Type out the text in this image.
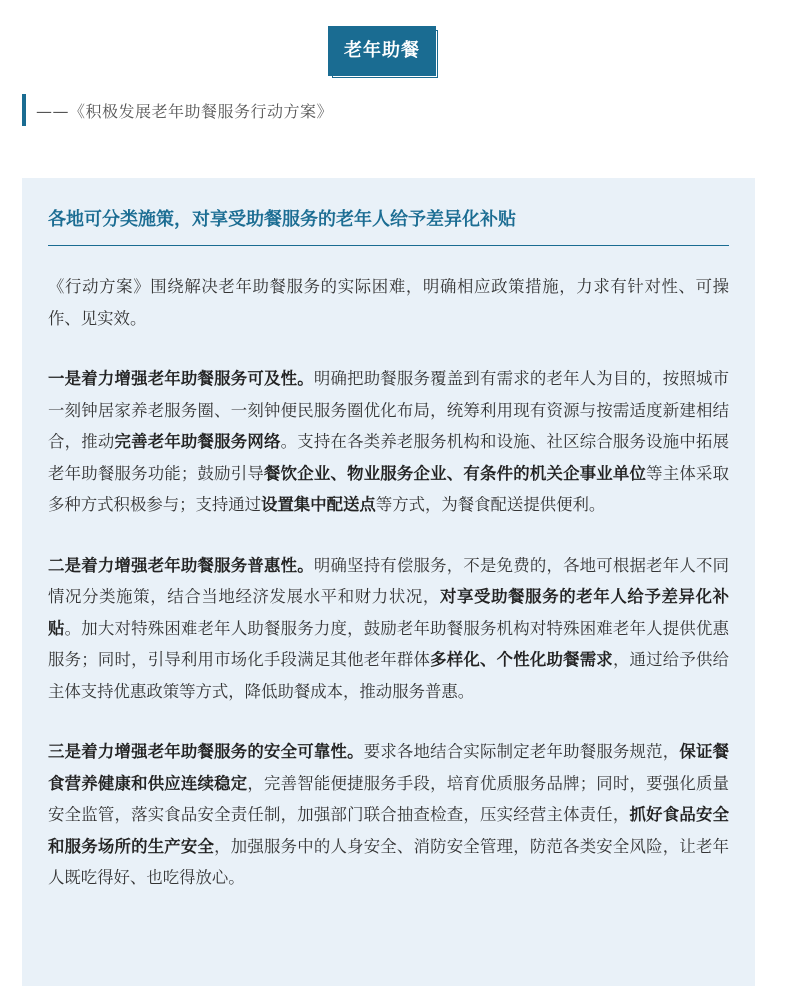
老年助餐
——《积极发展老年助餐服务行动方案》
各地可分类施策，对享受助餐服务的老年人给予差异化补贴

《行动方案》围绕解决老年助餐服务的实际困难，明确相应政策措施，力求有针对性、可操作、见实效。

一是着力增强老年助餐服务可及性。明确把助餐服务覆盖到有需求的老年人为目的，按照城市一刻钟居家养老服务圈、一刻钟便民服务圈优化布局，统筹利用现有资源与按需适度新建相结合，推动完善老年助餐服务网络。支持在各类养老服务机构和设施、社区综合服务设施中拓展老年助餐服务功能；鼓励引导餐饮企业、物业服务企业、有条件的机关企事业单位等主体采取多种方式积极参与；支持通过设置集中配送点等方式，为餐食配送提供便利。

二是着力增强老年助餐服务普惠性。明确坚持有偿服务，不是免费的，各地可根据老年人不同情况分类施策，结合当地经济发展水平和财力状况，对享受助餐服务的老年人给予差异化补贴。加大对特殊困难老年人助餐服务力度，鼓励老年助餐服务机构对特殊困难老年人提供优惠服务；同时，引导利用市场化手段满足其他老年群体多样化、个性化助餐需求，通过给予供给主体支持优惠政策等方式，降低助餐成本，推动服务普惠。

三是着力增强老年助餐服务的安全可靠性。要求各地结合实际制定老年助餐服务规范，保证餐食营养健康和供应连续稳定，完善智能便捷服务手段，培育优质服务品牌；同时，要强化质量安全监管，落实食品安全责任制，加强部门联合抽查检查，压实经营主体责任，抓好食品安全和服务场所的生产安全，加强服务中的人身安全、消防安全管理，防范各类安全风险，让老年人既吃得好、也吃得放心。
